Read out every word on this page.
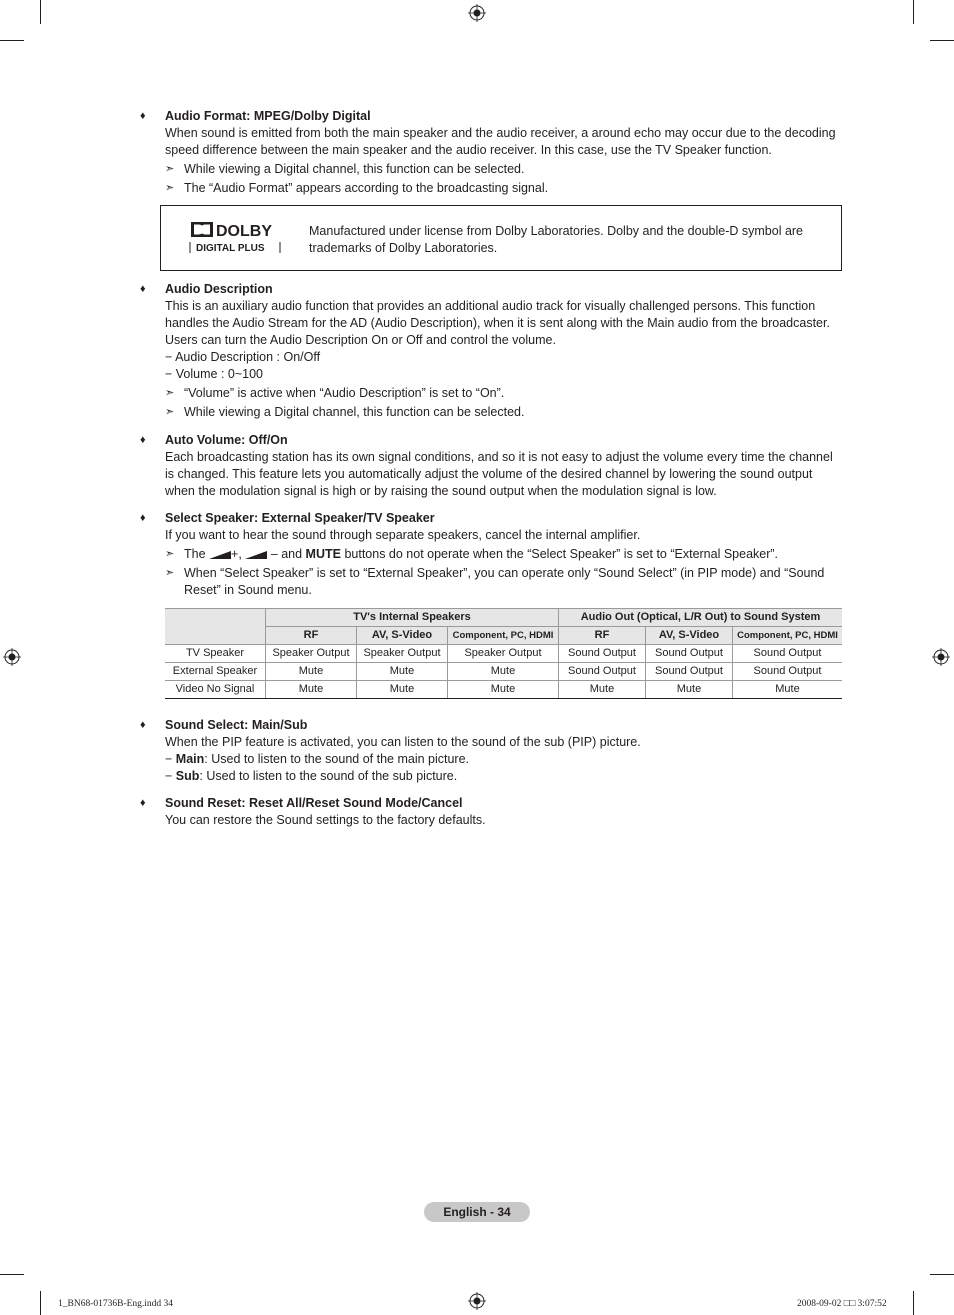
♦ Audio Format: MPEG/Dolby Digital
When sound is emitted from both the main speaker and the audio receiver, a around echo may occur due to the decoding speed difference between the main speaker and the audio receiver. In this case, use the TV Speaker function.
➣ While viewing a Digital channel, this function can be selected.
➣ The “Audio Format” appears according to the broadcasting signal.
DOLBY
DIGITAL PLUS
Manufactured under license from Dolby Laboratories. Dolby and the double-D symbol are trademarks of Dolby Laboratories.
♦ Audio Description
This is an auxiliary audio function that provides an additional audio track for visually challenged persons. This function handles the Audio Stream for the AD (Audio Description), when it is sent along with the Main audio from the broadcaster. Users can turn the Audio Description On or Off and control the volume.
− Audio Description : On/Off
− Volume : 0~100
➣ “Volume” is active when “Audio Description” is set to “On”.
➣ While viewing a Digital channel, this function can be selected.
♦ Auto Volume: Off/On
Each broadcasting station has its own signal conditions, and so it is not easy to adjust the volume every time the channel is changed. This feature lets you automatically adjust the volume of the desired channel by lowering the sound output when the modulation signal is high or by raising the sound output when the modulation signal is low.
♦ Select Speaker: External Speaker/TV Speaker
If you want to hear the sound through separate speakers, cancel the internal amplifier.
➣ The +, – and MUTE buttons do not operate when the “Select Speaker” is set to “External Speaker”.
➣ When “Select Speaker” is set to “External Speaker”, you can operate only “Sound Select” (in PIP mode) and “Sound Reset” in Sound menu.
	TV's Internal Speakers			Audio Out (Optical, L/R Out) to Sound System		
	RF	AV, S-Video	Component, PC, HDMI	RF	AV, S-Video	Component, PC, HDMI
TV Speaker	Speaker Output	Speaker Output	Speaker Output	Sound Output	Sound Output	Sound Output
External Speaker	Mute	Mute	Mute	Sound Output	Sound Output	Sound Output
Video No Signal	Mute	Mute	Mute	Mute	Mute	Mute
♦ Sound Select: Main/Sub
When the PIP feature is activated, you can listen to the sound of the sub (PIP) picture.
− Main: Used to listen to the sound of the main picture.
− Sub: Used to listen to the sound of the sub picture.
♦ Sound Reset: Reset All/Reset Sound Mode/Cancel
You can restore the Sound settings to the factory defaults.
English - 34
1_BN68-01736B-Eng.indd 34	2008-09-02 □□ 3:07:52
